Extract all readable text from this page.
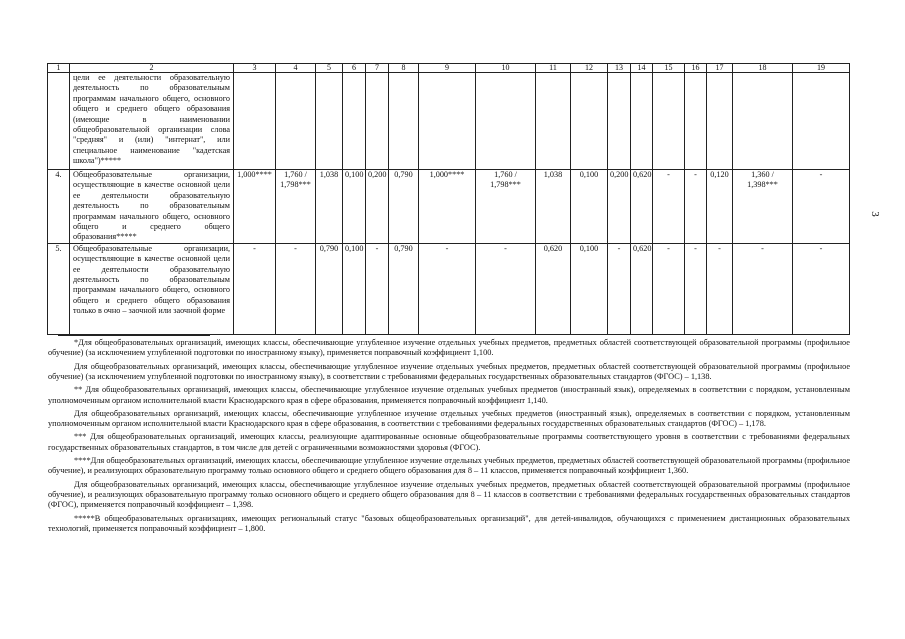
1	2	3	4	5	6	7	8	9	10	11	12	13	14	15	16	17	18	19
	цели ее деятельности образовательную деятельность по образовательным программам начального общего, основного общего и среднего общего образования (имеющие в наименовании общеобразовательной организации слова "средняя" и (или) "интернат", или специальное наименование "кадетская школа")*****																	
4.	Общеобразовательные организации, осуществляющие в качестве основной цели ее деятельности образовательную деятельность по образовательным программам начального общего, основного общего и среднего общего образования*****	1,000****	1,760 / 1,798***	1,038	0,100	0,200	0,790	1,000****	1,760 / 1,798***	1,038	0,100	0,200	0,620	-	-	0,120	1,360 / 1,398***	-
5.	Общеобразовательные организации, осуществляющие в качестве основной цели ее деятельности образовательную деятельность по образовательным программам начального общего, основного общего и среднего общего образования только в очно – заочной или заочной форме	-	-	0,790	0,100	-	0,790	-	-	0,620	0,100	-	0,620	-	-	-	-	-
3

*Для общеобразовательных организаций, имеющих классы, обеспечивающие углубленное изучение отдельных учебных предметов, предметных областей соответствующей образовательной программы (профильное обучение) (за исключением углубленной подготовки по иностранному языку), применяется поправочный коэффициент 1,100.

Для общеобразовательных организаций, имеющих классы, обеспечивающие углубленное изучение отдельных учебных предметов, предметных областей соответствующей образовательной программы (профильное обучение) (за исключением углубленной подготовки по иностранному языку), в соответствии с требованиями федеральных государственных образовательных стандартов (ФГОС) – 1,138.

** Для общеобразовательных организаций, имеющих классы, обеспечивающие углубленное изучение отдельных учебных предметов (иностранный язык), определяемых в соответствии с порядком, установленным уполномоченным органом исполнительной власти Краснодарского края в сфере образования, применяется поправочный коэффициент 1,140.

Для общеобразовательных организаций, имеющих классы, обеспечивающие углубленное изучение отдельных учебных предметов (иностранный язык), определяемых в соответствии с порядком, установленным уполномоченным органом исполнительной власти Краснодарского края в сфере образования, в соответствии с требованиями федеральных государственных образовательных стандартов (ФГОС) – 1,178.

*** Для общеобразовательных организаций, имеющих классы, реализующие адаптированные основные общеобразовательные программы соответствующего уровня в соответствии с требованиями федеральных государственных образовательных стандартов, в том числе для детей с ограниченными возможностями здоровья (ФГОС).

****Для общеобразовательных организаций, имеющих классы, обеспечивающие углубленное изучение отдельных учебных предметов, предметных областей соответствующей образовательной программы (профильное обучение), и реализующих образовательную программу только основного общего и среднего общего образования для 8 – 11 классов, применяется поправочный коэффициент 1,360.

Для общеобразовательных организаций, имеющих классы, обеспечивающие углубленное изучение отдельных учебных предметов, предметных областей соответствующей образовательной программы (профильное обучение), и реализующих образовательную программу только основного общего и среднего общего образования для 8 – 11 классов в соответствии с требованиями федеральных государственных образовательных стандартов (ФГОС), применяется поправочный коэффициент – 1,398.

*****В общеобразовательных организациях, имеющих региональный статус "базовых общеобразовательных организаций", для детей-инвалидов, обучающихся с применением дистанционных образовательных технологий, применяется поправочный коэффициент – 1,800.
